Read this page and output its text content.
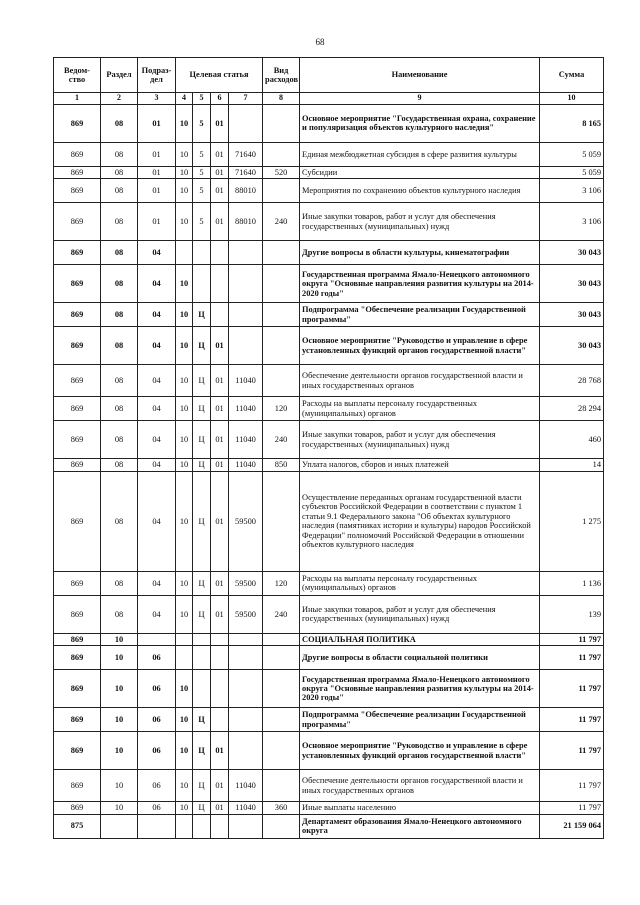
68
Ведом-ство	Раздел	Подраз-дел	Целевая статья				Вид расходов	Наименование	Сумма
1	2	3	4	5	6	7	8	9	10
869	08	01	10	5	01			Основное мероприятие "Государственная охрана, сохранение и популяризация объектов культурного наследия"	8 165
869	08	01	10	5	01	71640		Единая межбюджетная субсидия в сфере развития культуры	5 059
869	08	01	10	5	01	71640	520	Субсидии	5 059
869	08	01	10	5	01	88010		Мероприятия по сохранению объектов культурного наследия	3 106
869	08	01	10	5	01	88010	240	Иные закупки товаров, работ и услуг для обеспечения государственных (муниципальных) нужд	3 106
869	08	04						Другие вопросы в области культуры, кинематографии	30 043
869	08	04	10					Государственная программа Ямало-Ненецкого автономного округа "Основные направления развития культуры на 2014-2020 годы"	30 043
869	08	04	10	Ц				Подпрограмма "Обеспечение реализации Государственной программы"	30 043
869	08	04	10	Ц	01			Основное мероприятие "Руководство и управление в сфере установленных функций органов государственной власти"	30 043
869	08	04	10	Ц	01	11040		Обеспечение деятельности органов государственной власти и иных государственных органов	28 768
869	08	04	10	Ц	01	11040	120	Расходы на выплаты персоналу государственных (муниципальных) органов	28 294
869	08	04	10	Ц	01	11040	240	Иные закупки товаров, работ и услуг для обеспечения государственных (муниципальных) нужд	460
869	08	04	10	Ц	01	11040	850	Уплата налогов, сборов и иных платежей	14
869	08	04	10	Ц	01	59500		Осуществление переданных органам государственной власти субъектов Российской Федерации в соответствии с пунктом 1 статьи 9.1 Федерального закона "Об объектах культурного наследия (памятниках истории и культуры) народов Российской Федерации" полномочий Российской Федерации в отношении объектов культурного наследия	1 275
869	08	04	10	Ц	01	59500	120	Расходы на выплаты персоналу государственных (муниципальных) органов	1 136
869	08	04	10	Ц	01	59500	240	Иные закупки товаров, работ и услуг для обеспечения государственных (муниципальных) нужд	139
869	10							СОЦИАЛЬНАЯ ПОЛИТИКА	11 797
869	10	06						Другие вопросы в области социальной политики	11 797
869	10	06	10					Государственная программа Ямало-Ненецкого автономного округа "Основные направления развития культуры на 2014-2020 годы"	11 797
869	10	06	10	Ц				Подпрограмма "Обеспечение реализации Государственной программы"	11 797
869	10	06	10	Ц	01			Основное мероприятие "Руководство и управление в сфере установленных функций органов государственной власти"	11 797
869	10	06	10	Ц	01	11040		Обеспечение деятельности органов государственной власти и иных государственных органов	11 797
869	10	06	10	Ц	01	11040	360	Иные выплаты населению	11 797
875								Департамент образования Ямало-Ненецкого автономного округа	21 159 064
